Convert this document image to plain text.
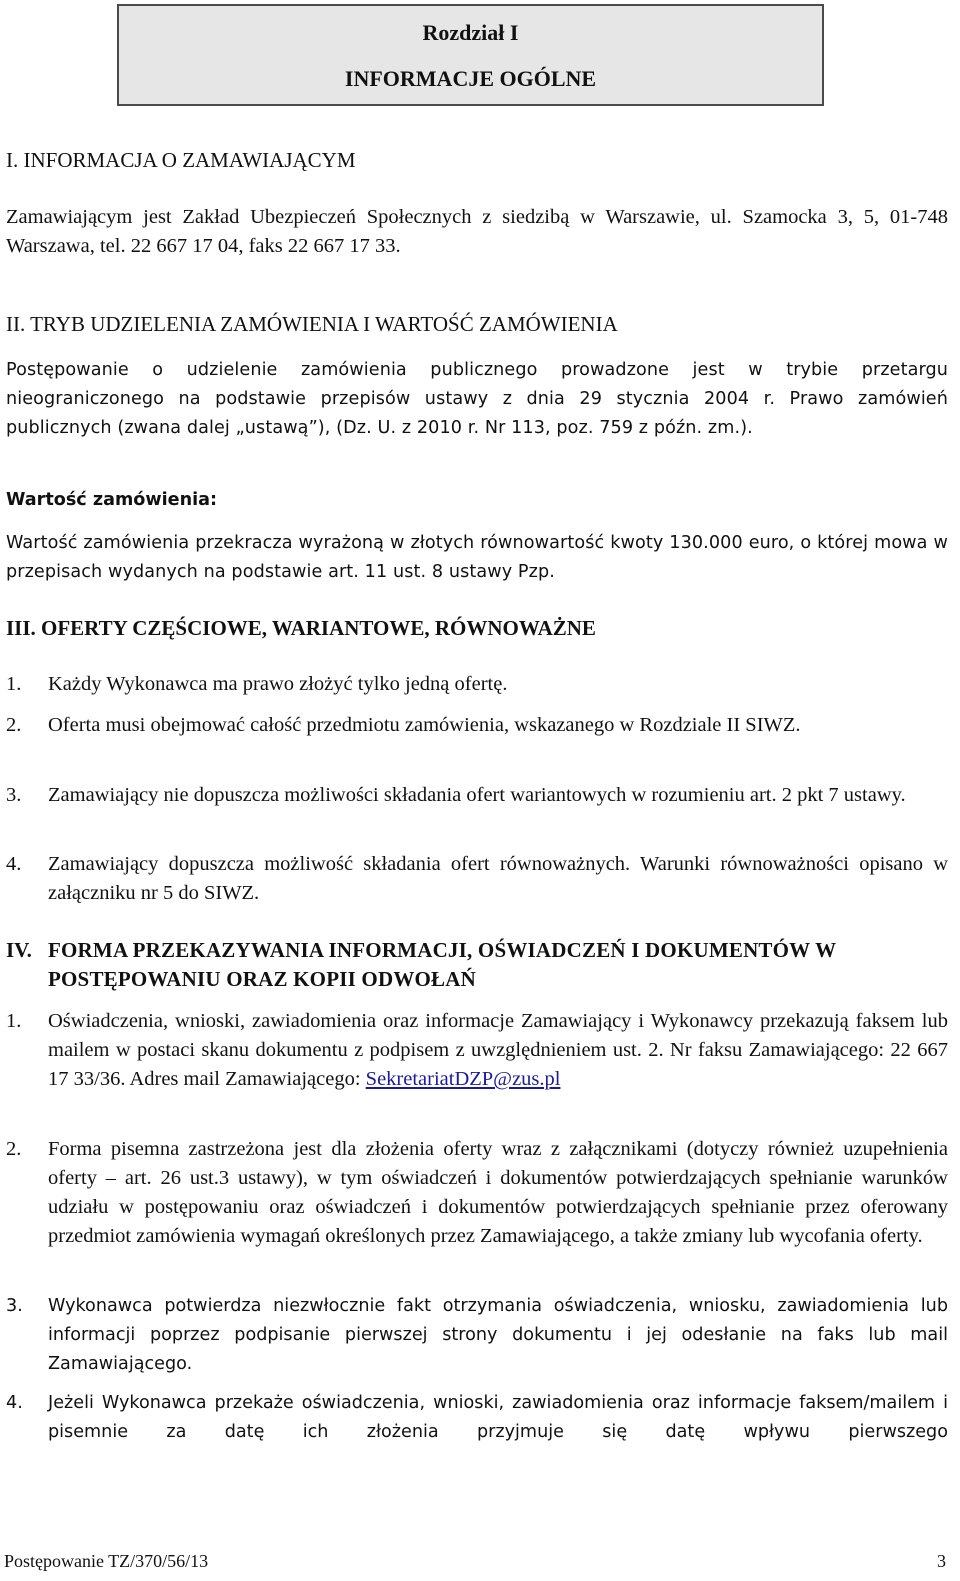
Rozdział I
INFORMACJE OGÓLNE
I. INFORMACJA O ZAMAWIAJĄCYM
Zamawiającym jest Zakład Ubezpieczeń Społecznych z siedzibą w Warszawie, ul. Szamocka 3, 5, 01-748 Warszawa, tel. 22 667 17 04, faks 22 667 17 33.
II. TRYB UDZIELENIA ZAMÓWIENIA I WARTOŚĆ ZAMÓWIENIA
Postępowanie o udzielenie zamówienia publicznego prowadzone jest w trybie przetargu nieograniczonego na podstawie przepisów ustawy z dnia 29 stycznia 2004 r. Prawo zamówień publicznych (zwana dalej „ustawą”), (Dz. U. z 2010 r. Nr 113, poz. 759 z późn. zm.).
Wartość zamówienia:
Wartość zamówienia przekracza wyrażoną w złotych równowartość kwoty 130.000 euro, o której mowa w przepisach wydanych na podstawie art. 11 ust. 8 ustawy Pzp.
III. OFERTY CZĘŚCIOWE, WARIANTOWE, RÓWNOWAŻNE
1. Każdy Wykonawca ma prawo złożyć tylko jedną ofertę.
2. Oferta musi obejmować całość przedmiotu zamówienia, wskazanego w Rozdziale II SIWZ.
3. Zamawiający nie dopuszcza możliwości składania ofert wariantowych w rozumieniu art. 2 pkt 7 ustawy.
4. Zamawiający dopuszcza możliwość składania ofert równoważnych. Warunki równoważności opisano w załączniku nr 5 do SIWZ.
IV. FORMA PRZEKAZYWANIA INFORMACJI, OŚWIADCZEŃ I DOKUMENTÓW W POSTĘPOWANIU ORAZ KOPII ODWOŁAŃ
1. Oświadczenia, wnioski, zawiadomienia oraz informacje Zamawiający i Wykonawcy przekazują faksem lub mailem w postaci skanu dokumentu z podpisem z uwzględnieniem ust. 2. Nr faksu Zamawiającego: 22 667 17 33/36. Adres mail Zamawiającego: SekretariatDZP@zus.pl
2. Forma pisemna zastrzeżona jest dla złożenia oferty wraz z załącznikami (dotyczy również uzupełnienia oferty – art. 26 ust.3 ustawy), w tym oświadczeń i dokumentów potwierdzających spełnianie warunków udziału w postępowaniu oraz oświadczeń i dokumentów potwierdzających spełnianie przez oferowany przedmiot zamówienia wymagań określonych przez Zamawiającego, a także zmiany lub wycofania oferty.
3. Wykonawca potwierdza niezwłocznie fakt otrzymania oświadczenia, wniosku, zawiadomienia lub informacji poprzez podpisanie pierwszej strony dokumentu i jej odesłanie na faks lub mail Zamawiającego.
4. Jeżeli Wykonawca przekaże oświadczenia, wnioski, zawiadomienia oraz informacje faksem/mailem i pisemnie za datę ich złożenia przyjmuje się datę wpływu pierwszego
Postępowanie TZ/370/56/13	3
